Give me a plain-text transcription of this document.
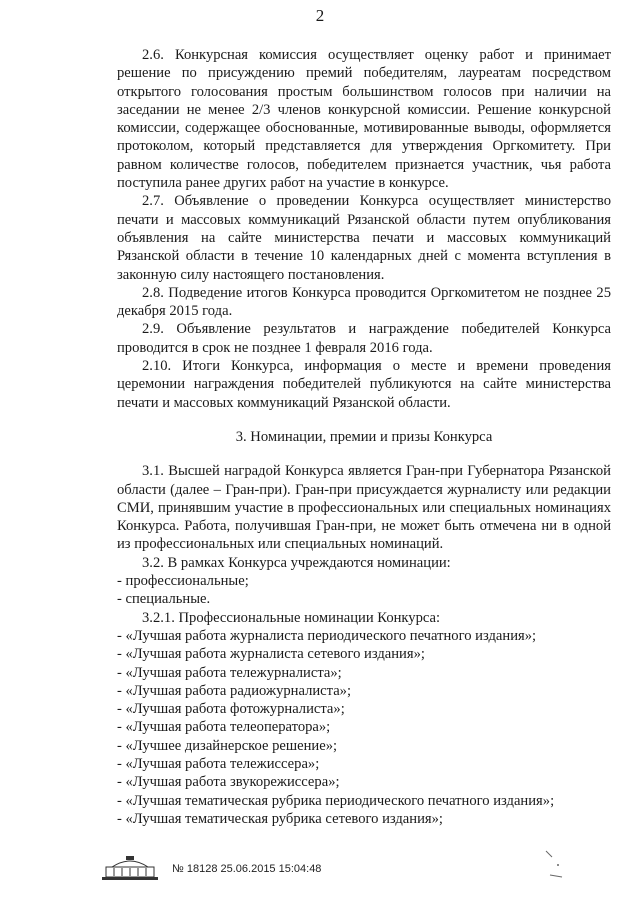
2

2.6. Конкурсная комиссия осуществляет оценку работ и принимает решение по присуждению премий победителям, лауреатам посредством открытого голосования простым большинством голосов при наличии на заседании не менее 2/3 членов конкурсной комиссии. Решение конкурсной комиссии, содержащее обоснованные, мотивированные выводы, оформляется протоколом, который представляется для утверждения Оргкомитету. При равном количестве голосов, победителем признается участник, чья работа поступила ранее других работ на участие в конкурсе.

2.7. Объявление о проведении Конкурса осуществляет министерство печати и массовых коммуникаций Рязанской области путем опубликования объявления на сайте министерства печати и массовых коммуникаций Рязанской области в течение 10 календарных дней с момента вступления в законную силу настоящего постановления.

2.8. Подведение итогов Конкурса проводится Оргкомитетом не позднее 25 декабря 2015 года.

2.9. Объявление результатов и награждение победителей Конкурса проводится в срок не позднее 1 февраля 2016 года.

2.10. Итоги Конкурса, информация о месте и времени проведения церемонии награждения победителей публикуются на сайте министерства печати и массовых коммуникаций Рязанской области.

3. Номинации, премии и призы Конкурса

3.1. Высшей наградой Конкурса является Гран-при Губернатора Рязанской области (далее – Гран-при). Гран-при присуждается журналисту или редакции СМИ, принявшим участие в профессиональных или специальных номинациях Конкурса. Работа, получившая Гран-при, не может быть отмечена ни в одной из профессиональных или специальных номинаций.

3.2. В рамках Конкурса учреждаются номинации:

- профессиональные;
- специальные.

3.2.1. Профессиональные номинации Конкурса:

- «Лучшая работа журналиста периодического печатного издания»;
- «Лучшая работа журналиста сетевого издания»;
- «Лучшая работа тележурналиста»;
- «Лучшая работа радиожурналиста»;
- «Лучшая работа фотожурналиста»;
- «Лучшая работа телеоператора»;
- «Лучшее дизайнерское решение»;
- «Лучшая работа тележиссера»;
- «Лучшая работа звукорежиссера»;
- «Лучшая тематическая рубрика периодического печатного издания»;
- «Лучшая тематическая рубрика сетевого издания»;
№ 18128 25.06.2015 15:04:48
